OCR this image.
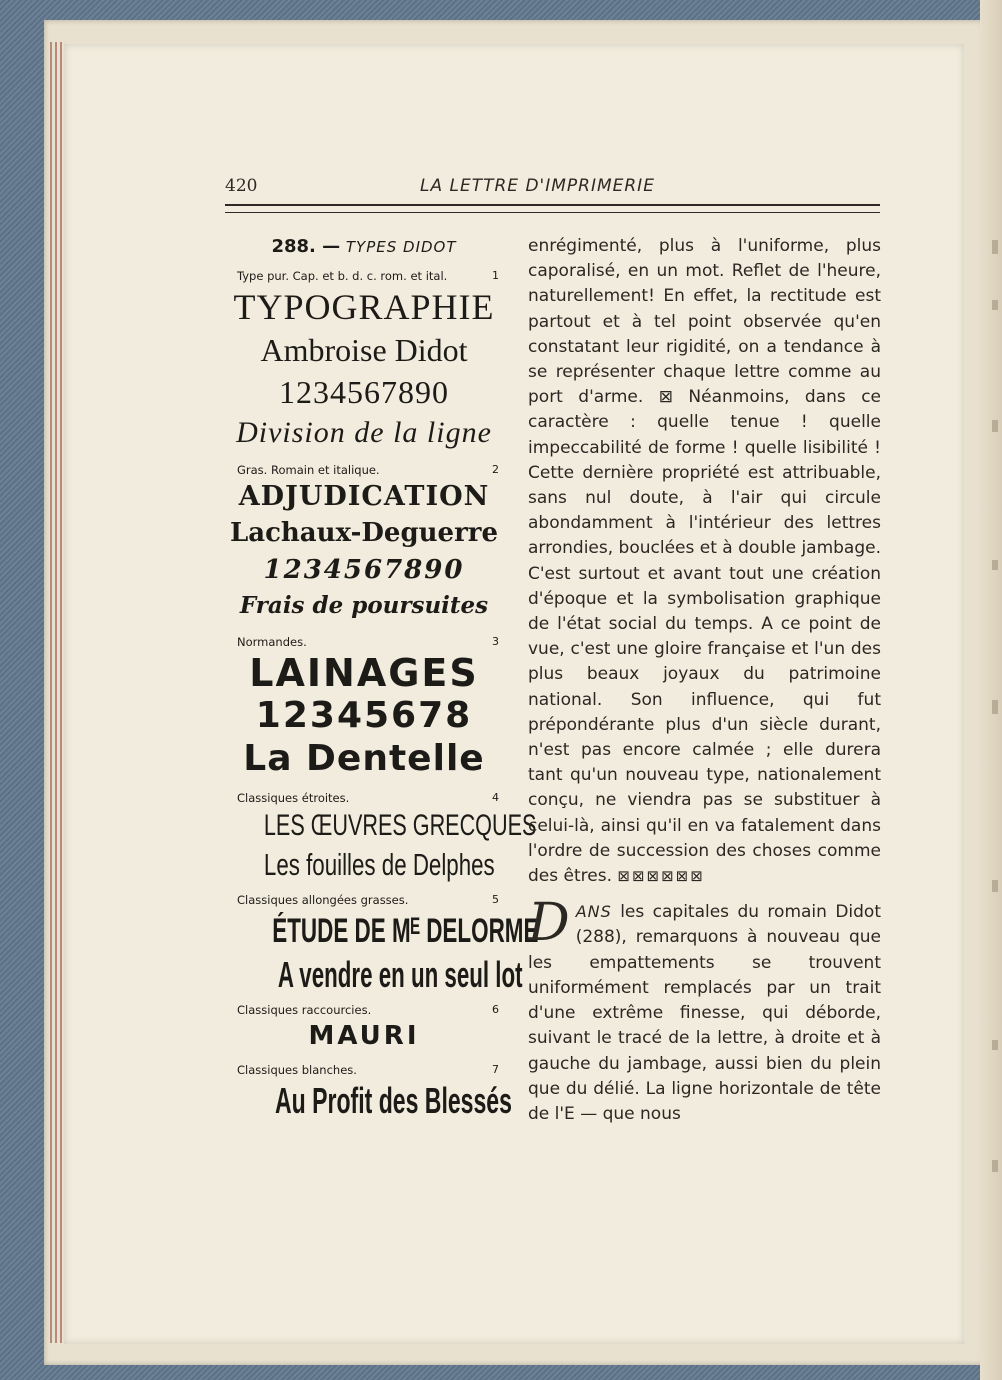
420	LA LETTRE D'IMPRIMERIE
288. — TYPES DIDOT
Type pur. Cap. et b. d. c. rom. et ital.	1
TYPOGRAPHIE
Ambroise Didot
1234567890
Division de la ligne
Gras. Romain et italique.	2
ADJUDICATION
Lachaux-Deguerre
1234567890
Frais de poursuites
Normandes.	3
LAINAGES
12345678
La Dentelle
Classiques étroites.	4
LES ŒUVRES GRECQUES
Les fouilles de Delphes
Classiques allongées grasses.	5
ÉTUDE DE Mᴱ DELORME
A vendre en un seul lot
Classiques raccourcies.	6
MAURI
Classiques blanches.	7
Au Profit des Blessés

enrégimenté, plus à l'uniforme, plus caporalisé, en un mot. Reflet de l'heure, naturellement! En effet, la rectitude est partout et à tel point observée qu'en constatant leur rigidité, on a tendance à se représenter chaque lettre comme au port d'arme. ⊠ Néanmoins, dans ce caractère : quelle tenue ! quelle impeccabilité de forme ! quelle lisibilité ! Cette dernière propriété est attribuable, sans nul doute, à l'air qui circule abondamment à l'intérieur des lettres arrondies, bouclées et à double jambage. C'est surtout et avant tout une création d'époque et la symbolisation graphique de l'état social du temps. A ce point de vue, c'est une gloire française et l'un des plus beaux joyaux du patrimoine national. Son influence, qui fut prépondérante plus d'un siècle durant, n'est pas encore calmée ; elle durera tant qu'un nouveau type, nationalement conçu, ne viendra pas se substituer à celui-là, ainsi qu'il en va fatalement dans l'ordre de succession des choses comme des êtres. ⊠⊠⊠⊠⊠⊠

DANS les capitales du romain Didot (288), remarquons à nouveau que les empattements se trouvent uniformément remplacés par un trait d'une extrême finesse, qui déborde, suivant le tracé de la lettre, à droite et à gauche du jambage, aussi bien du plein que du délié. La ligne horizontale de tête de l'E — que nous
